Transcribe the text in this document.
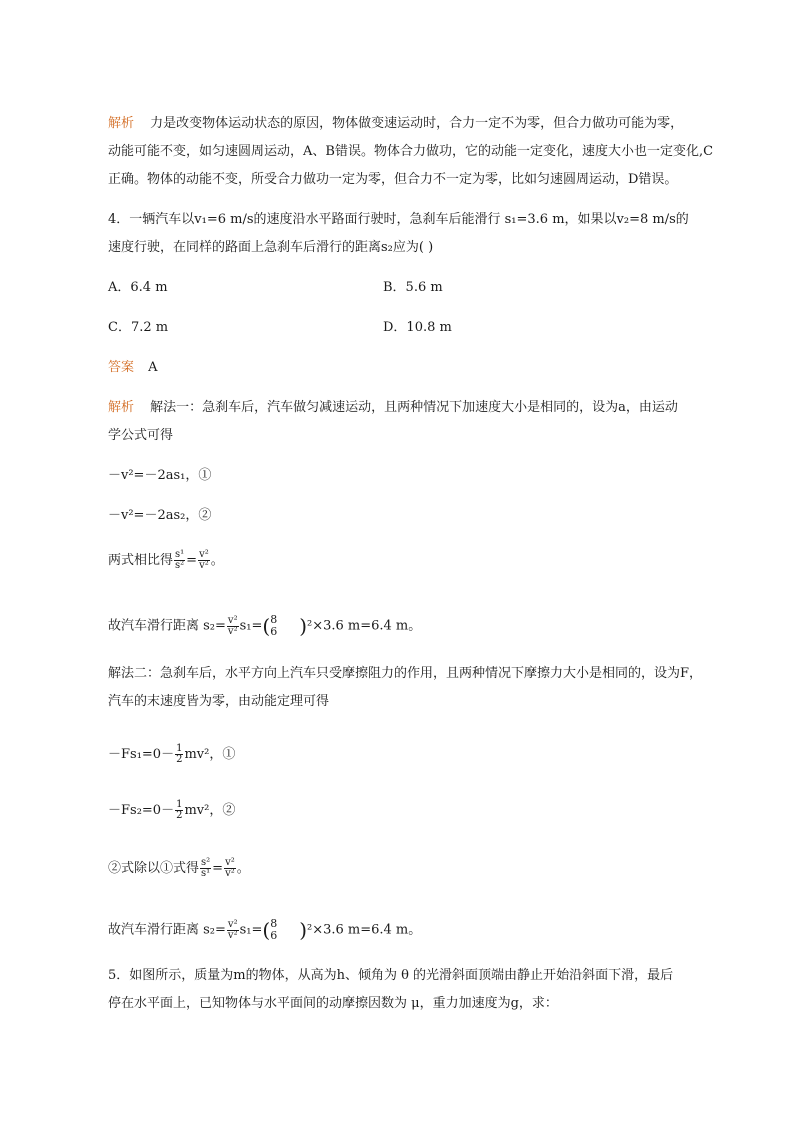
解析 力是改变物体运动状态的原因，物体做变速运动时，合力一定不为零，但合力做功可能为零，
动能可能不变，如匀速圆周运动，A、B错误。物体合力做功，它的动能一定变化，速度大小也一定变化,C
正确。物体的动能不变，所受合力做功一定为零，但合力不一定为零，比如匀速圆周运动，D错误。
4．一辆汽车以v₁=6 m/s的速度沿水平路面行驶时，急刹车后能滑行 s₁=3.6 m，如果以v₂=8 m/s的
速度行驶，在同样的路面上急刹车后滑行的距离s₂应为( )
A．6.4 m	B．5.6 m
C．7.2 m	D．10.8 m
答案 A
解析 解法一：急刹车后，汽车做匀减速运动，且两种情况下加速度大小是相同的，设为a，由运动
学公式可得
－v²=－2as₁，①
－v²=－2as₂，②
两式相比得 $\frac{\text{s¹}}{\text{s²}} = \frac{\text{v²}}{\text{v²}}$ 。
故汽车滑行距离 $s_2= \frac{\text{v²}}{\text{v²}} s_1=$( 8
6 )²×3.6 m=6.4 m。
解法二：急刹车后，水平方向上汽车只受摩擦阻力的作用，且两种情况下摩擦力大小是相同的，设为F，
汽车的末速度皆为零，由动能定理可得
$-Fs_1=0- \frac{1}{2} mv^2$，①
$-Fs_2=0- \frac{1}{2} mv^2$，②
②式除以①式得 $\frac{\text{s²}}{\text{s¹}} = \frac{\text{v²}}{\text{v²}}$ 。
故汽车滑行距离 $s_2= \frac{\text{v²}}{\text{v²}} s_1=$( 8
6 )²×3.6 m=6.4 m。
5．如图所示，质量为m的物体，从高为h、倾角为 θ 的光滑斜面顶端由静止开始沿斜面下滑，最后
停在水平面上，已知物体与水平面间的动摩擦因数为 μ，重力加速度为g，求：
